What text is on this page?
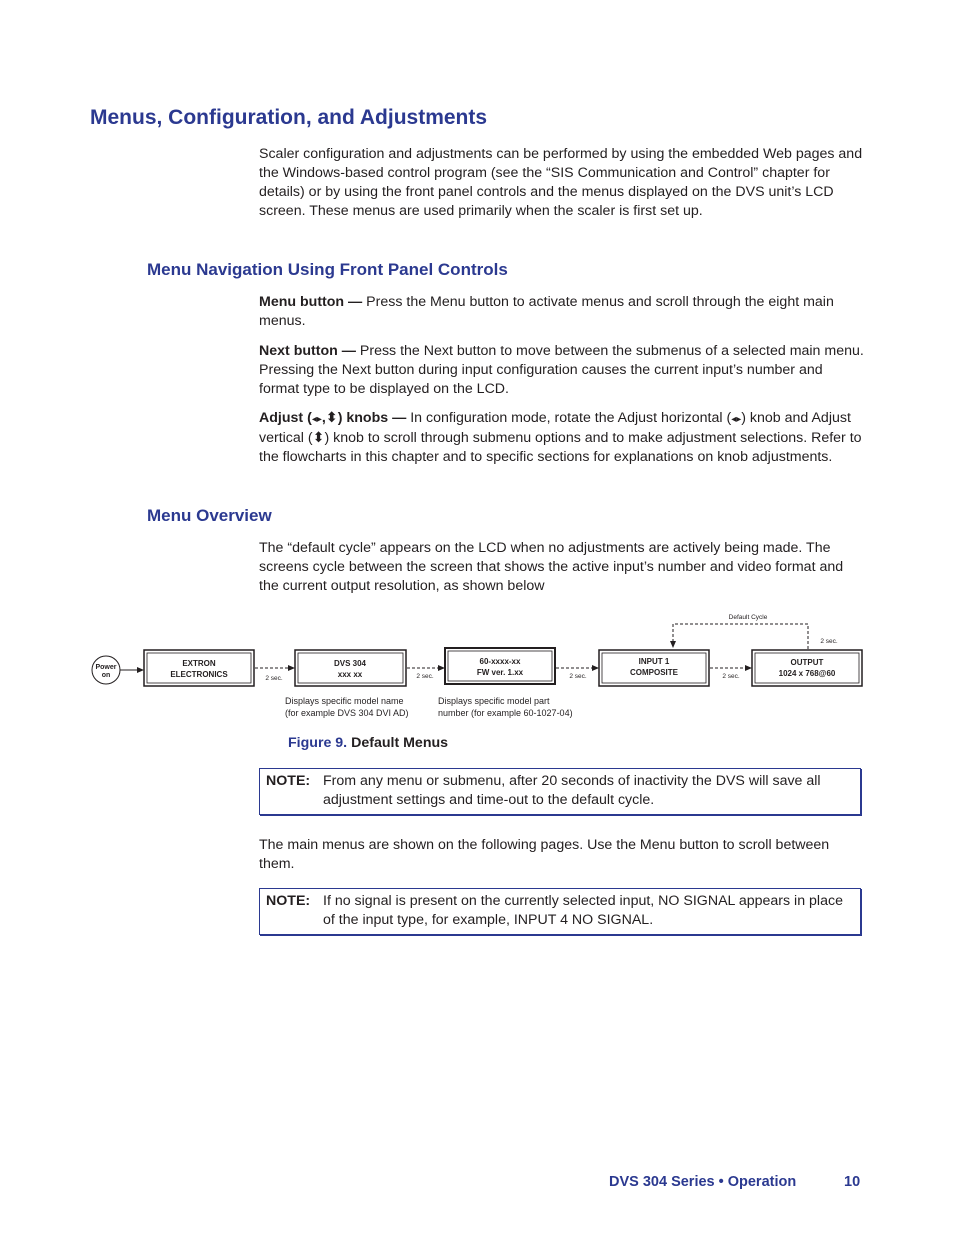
Menus, Configuration, and Adjustments

Scaler configuration and adjustments can be performed by using the embedded Web pages and the Windows-based control program (see the “SIS Communication and Control” chapter for details) or by using the front panel controls and the menus displayed on the DVS unit’s LCD screen. These menus are used primarily when the scaler is first set up.

Menu Navigation Using Front Panel Controls

Menu button — Press the Menu button to activate menus and scroll through the eight main menus.

Next button — Press the Next button to move between the submenus of a selected main menu. Pressing the Next button during input configuration causes the current input’s number and format type to be displayed on the LCD.

Adjust (◂▸,⬍) knobs — In configuration mode, rotate the Adjust horizontal (◂▸) knob and Adjust vertical (⬍) knob to scroll through submenu options and to make adjustment selections. Refer to the flowcharts in this chapter and to specific sections for explanations on knob adjustments.

Menu Overview

The “default cycle” appears on the LCD when no adjustments are actively being made. The screens cycle between the screen that shows the active input’s number and video format and the current output resolution, as shown below

Power
on
EXTRON
ELECTRONICS	2 sec.
DVS 304
xxx xx	2 sec.
60-xxxx-xx
FW ver. 1.xx	2 sec.
INPUT 1
COMPOSITE	2 sec.
OUTPUT
1024 x 768@60
Default Cycle
2 sec.
Displays specific model name
(for example DVS 304 DVI AD)
Displays specific model part
number (for example 60-1027-04)

Figure 9. Default Menus

NOTE: From any menu or submenu, after 20 seconds of inactivity the DVS will save all adjustment settings and time-out to the default cycle.

The main menus are shown on the following pages. Use the Menu button to scroll between them.

NOTE: If no signal is present on the currently selected input, NO SIGNAL appears in place of the input type, for example, INPUT 4 NO SIGNAL.

DVS 304 Series • Operation	10
